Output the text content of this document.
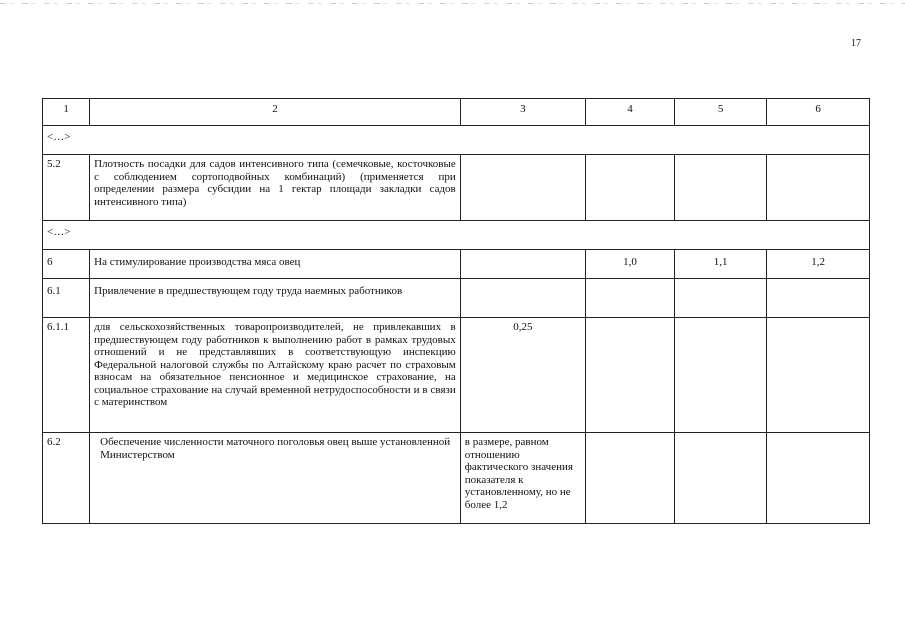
17
1	2	3	4	5	6
<…>					
5.2	Плотность посадки для садов интенсивного типа (семечковые, косточковые с соблюдением сортоподвойных комбинаций) (применяется при определении размера субсидии на 1 гектар площади закладки садов интенсивного типа)				
<…>					
6	На стимулирование производства мяса овец		1,0	1,1	1,2
6.1	Привлечение в предшествующем году труда наемных работников				
6.1.1	для сельскохозяйственных товаропроизводителей, не привлекавших в предшествующем году работников к выполнению работ в рамках трудовых отношений и не представлявших в соответствующую инспекцию Федеральной налоговой службы по Алтайскому краю расчет по страховым взносам на обязательное пенсионное и медицинское страхование, на социальное страхование на случай временной нетрудоспособности и в связи с материнством	0,25			
6.2	Обеспечение численности маточного поголовья овец выше установленной Министерством	в размере, равном отношению фактического значения показателя к установленному, но не более 1,2			
